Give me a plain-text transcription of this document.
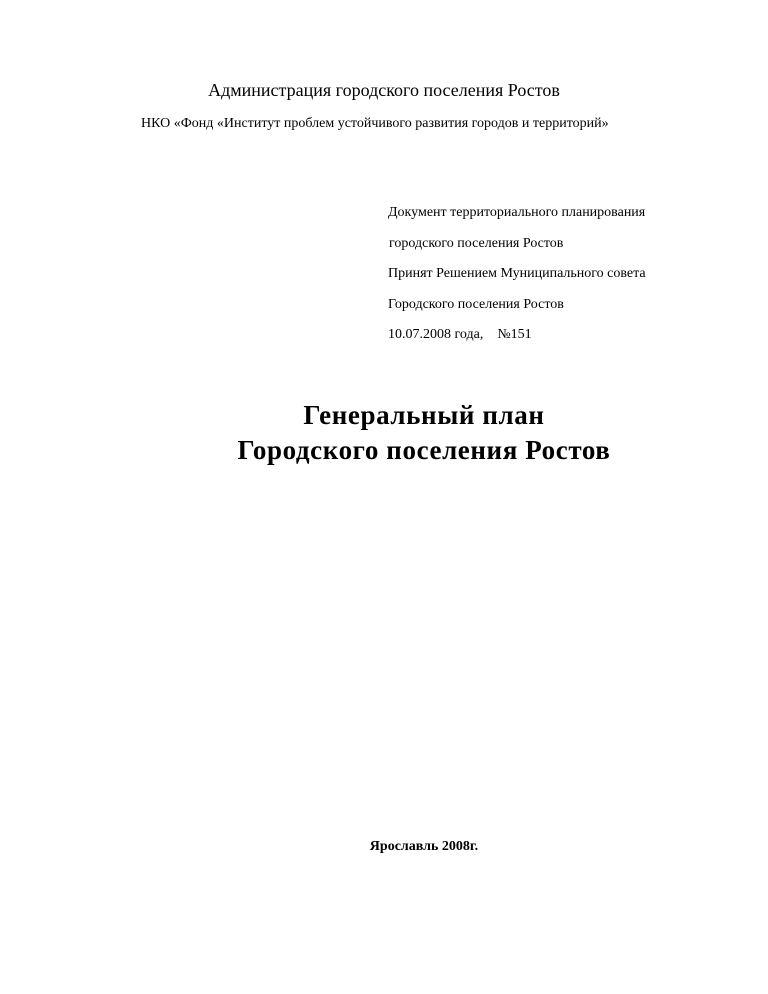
Администрация городского поселения Ростов
НКО «Фонд «Институт проблем устойчивого развития городов и территорий»
Документ территориального планирования
городского поселения Ростов
Принят Решением Муниципального совета
Городского поселения Ростов
10.07.2008 года,    №151
Генеральный план
Городского поселения Ростов
Ярославль 2008г.
